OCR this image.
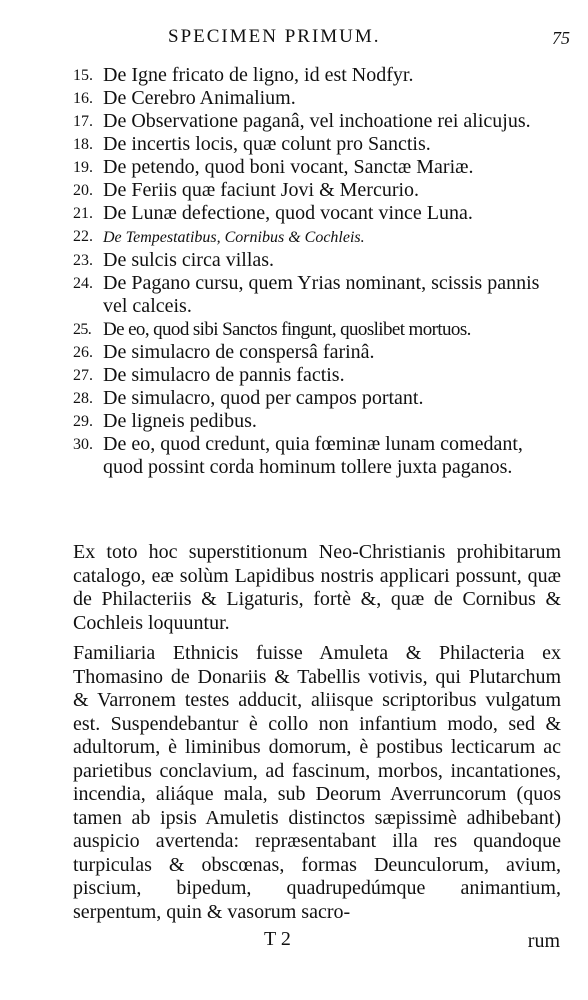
SPECIMEN PRIMUM.	75
15. De Igne fricato de ligno, id est Nodfyr.
16. De Cerebro Animalium.
17. De Observatione paganâ, vel inchoatione rei alicujus.
18. De incertis locis, quæ colunt pro Sanctis.
19. De petendo, quod boni vocant, Sanctæ Mariæ.
20. De Feriis quæ faciunt Jovi & Mercurio.
21. De Lunæ defectione, quod vocant vince Luna.
22. De Tempestatibus, Cornibus & Cochleis.
23. De sulcis circa villas.
24. De Pagano cursu, quem Yrias nominant, scissis pannis vel calceis.
25. De eo, quod sibi Sanctos fingunt, quoslibet mortuos.
26. De simulacro de conspersâ farinâ.
27. De simulacro de pannis factis.
28. De simulacro, quod per campos portant.
29. De ligneis pedibus.
30. De eo, quod credunt, quia fœminæ lunam comedant, quod possint corda hominum tollere juxta paganos.

Ex toto hoc superstitionum Neo-Christianis prohibitarum catalogo, eæ solùm Lapidibus nostris applicari possunt, quæ de Philacteriis & Ligaturis, fortè &, quæ de Cornibus & Cochleis loquuntur.

Familiaria Ethnicis fuisse Amuleta & Philacteria ex Thomasino de Donariis & Tabellis votivis, qui Plutarchum & Varronem testes adducit, aliisque scriptoribus vulgatum est. Suspendebantur è collo non infantium modo, sed & adultorum, è liminibus domorum, è postibus lecticarum ac parietibus conclavium, ad fascinum, morbos, incantationes, incendia, aliáque mala, sub Deorum Averruncorum (quos tamen ab ipsis Amuletis distinctos sæpissimè adhibebant) auspicio avertenda: repræsentabant illa res quandoque turpiculas & obscœnas, formas Deunculorum, avium, piscium, bipedum, quadrupedúmque animantium, serpentum, quin & vasorum sacro-

T 2	rum
